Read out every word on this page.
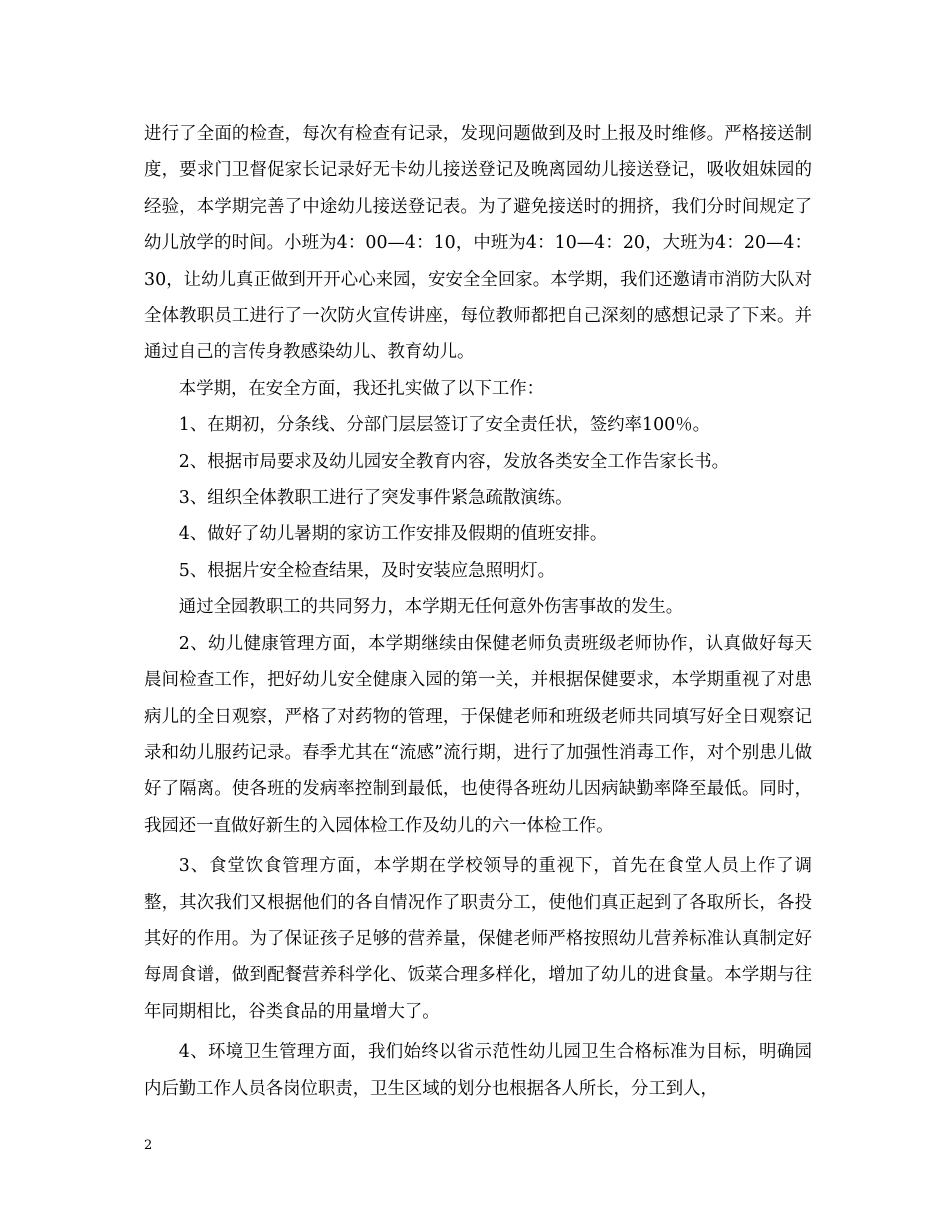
进行了全面的检查，每次有检查有记录，发现问题做到及时上报及时维修。严格接送制度，要求门卫督促家长记录好无卡幼儿接送登记及晚离园幼儿接送登记，吸收姐妹园的经验，本学期完善了中途幼儿接送登记表。为了避免接送时的拥挤，我们分时间规定了幼儿放学的时间。小班为4：00—4：10，中班为4：10—4：20，大班为4：20—4：30，让幼儿真正做到开开心心来园，安安全全回家。本学期，我们还邀请市消防大队对全体教职员工进行了一次防火宣传讲座，每位教师都把自己深刻的感想记录了下来。并通过自己的言传身教感染幼儿、教育幼儿。

本学期，在安全方面，我还扎实做了以下工作：

1、在期初，分条线、分部门层层签订了安全责任状，签约率100％。

2、根据市局要求及幼儿园安全教育内容，发放各类安全工作告家长书。

3、组织全体教职工进行了突发事件紧急疏散演练。

4、做好了幼儿暑期的家访工作安排及假期的值班安排。

5、根据片安全检查结果，及时安装应急照明灯。

通过全园教职工的共同努力，本学期无任何意外伤害事故的发生。

2、幼儿健康管理方面，本学期继续由保健老师负责班级老师协作，认真做好每天晨间检查工作，把好幼儿安全健康入园的第一关，并根据保健要求，本学期重视了对患病儿的全日观察，严格了对药物的管理，于保健老师和班级老师共同填写好全日观察记录和幼儿服药记录。春季尤其在“流感”流行期，进行了加强性消毒工作，对个别患儿做好了隔离。使各班的发病率控制到最低，也使得各班幼儿因病缺勤率降至最低。同时，我园还一直做好新生的入园体检工作及幼儿的六一体检工作。

3、食堂饮食管理方面，本学期在学校领导的重视下，首先在食堂人员上作了调整，其次我们又根据他们的各自情况作了职责分工，使他们真正起到了各取所长，各投其好的作用。为了保证孩子足够的营养量，保健老师严格按照幼儿营养标准认真制定好每周食谱，做到配餐营养科学化、饭菜合理多样化，增加了幼儿的进食量。本学期与往年同期相比，谷类食品的用量增大了。

4、环境卫生管理方面，我们始终以省示范性幼儿园卫生合格标准为目标，明确园内后勤工作人员各岗位职责，卫生区域的划分也根据各人所长，分工到人，

2
